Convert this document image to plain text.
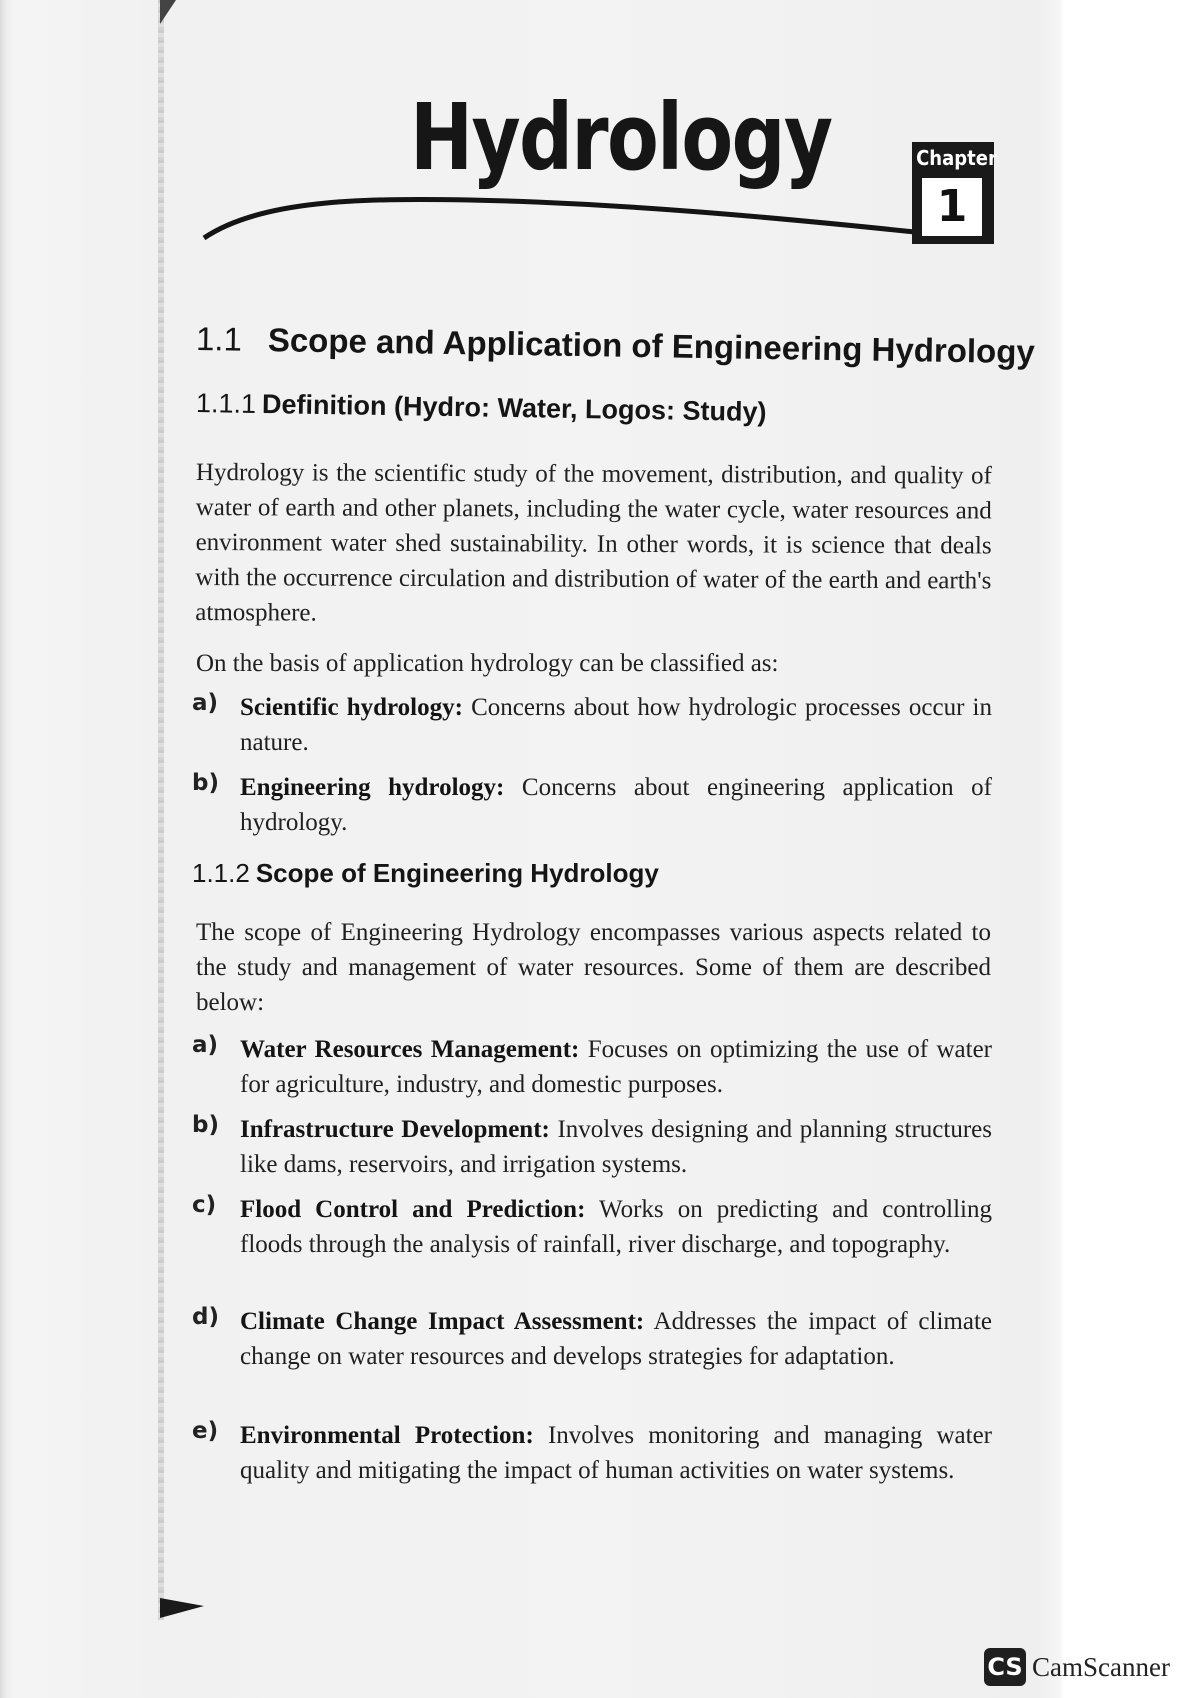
Hydrology	Chapter
1
1.1 Scope and Application of Engineering Hydrology
1.1.1 Definition (Hydro: Water, Logos: Study)
Hydrology is the scientific study of the movement, distribution, and quality of water of earth and other planets, including the water cycle, water resources and environment water shed sustainability. In other words, it is science that deals with the occurrence circulation and distribution of water of the earth and earth's atmosphere.
On the basis of application hydrology can be classified as:
a) Scientific hydrology: Concerns about how hydrologic processes occur in nature.
b) Engineering hydrology: Concerns about engineering application of hydrology.
1.1.2 Scope of Engineering Hydrology
The scope of Engineering Hydrology encompasses various aspects related to the study and management of water resources. Some of them are described below:
a) Water Resources Management: Focuses on optimizing the use of water for agriculture, industry, and domestic purposes.
b) Infrastructure Development: Involves designing and planning structures like dams, reservoirs, and irrigation systems.
c) Flood Control and Prediction: Works on predicting and controlling floods through the analysis of rainfall, river discharge, and topography.
d) Climate Change Impact Assessment: Addresses the impact of climate change on water resources and develops strategies for adaptation.
e) Environmental Protection: Involves monitoring and managing water quality and mitigating the impact of human activities on water systems.
CS CamScanner
